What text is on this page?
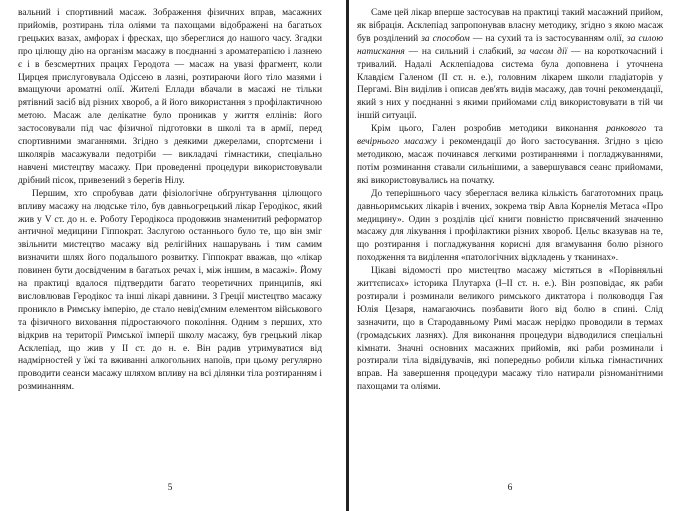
вальний і спортивний масаж. Зображення фізичних вправ, масажних прийомів, розтирань тіла оліями та пахощами відображені на багатьох грецьких вазах, амфорах і фресках, що збереглися до нашого часу. Згадки про цілющу дію на організм масажу в поєднанні з ароматерапією і лазнею є і в безсмертних працях Геродота — масаж на увазі фрагмент, коли Цирцея прислуговувала Одіссею в лазні, розтираючи його тіло мазями і вмащуючи ароматні олії. Жителі Еллади вбачали в масажі не тільки рятівний засіб від різних хвороб, а й його використання з профілактичною метою. Масаж але делікатне було проникав у життя еллінів: його застосовували під час фізичної підготовки в школі та в армії, перед спортивними змаганнями. Згідно з деякими джерелами, спортсмени і школярів масажували педотріби — викладачі гімнастики, спеціально навчені мистецтву масажу. При проведенні процедури використовували дрібний пісок, привезений з берегів Нілу.

Першим, хто спробував дати фізіологічне обґрунтування цілющого впливу масажу на людське тіло, був давньогрецький лікар Геродікос, який жив у V ст. до н. е. Роботу Геродікоса продовжив знаменитий реформатор античної медицини Гіппократ. Заслугою останнього було те, що він зміг звільнити мистецтво масажу від релігійних нашарувань і тим самим визначити шлях його подальшого розвитку. Гіппократ вважав, що «лікар повинен бути досвідченим в багатьох речах і, між іншим, в масажі». Йому на практиці вдалося підтвердити багато теоретичних принципів, які висловлював Геродікос та інші лікарі давнини. З Греції мистецтво масажу проникло в Римську імперію, де стало невід'ємним елементом військового та фізичного виховання підростаючого покоління. Одним з перших, хто відкрив на території Римської імперії школу масажу, був грецький лікар Асклепіад, що жив у II ст. до н. е. Він радив утримуватися від надмірностей у їжі та вживанні алкогольних напоїв, при цьому регулярно проводити сеанси масажу шляхом впливу на всі ділянки тіла розтиранням і розминанням.

5

Саме цей лікар вперше застосував на практиці такий масажний прийом, як вібрація. Асклепіад запропонував власну методику, згідно з якою масаж був розділений за способом — на сухий та із застосуванням олії, за силою натискання — на сильний і слабкий, за часом дії — на короткочасний і тривалий. Надалі Асклепіадова система була доповнена і уточнена Клавдієм Галеном (II ст. н. е.), головним лікарем школи гладіаторів у Пергамі. Він виділив і описав дев'ять видів масажу, дав точні рекомендації, який з них у поєднанні з якими прийомами слід використовувати в тій чи іншій ситуації.

Крім цього, Гален розробив методики виконання ранкового та вечірнього масажу і рекомендації до його застосування. Згідно з цією методикою, масаж починався легкими розтираннями і погладжуваннями, потім розминання ставали сильнішими, а завершувався сеанс прийомами, які використовувались на початку.

До теперішнього часу збереглася велика кількість багатотомних праць давньоримських лікарів і вчених, зокрема твір Авла Корнелія Метаса «Про медицину». Один з розділів цієї книги повністю присвячений значенню масажу для лікування і профілактики різних хвороб. Цельс вказував на те, що розтирання і погладжування корисні для вгамування болю різного походження та виділення «патологічних відкладень у тканинах».

Цікаві відомості про мистецтво масажу містяться в «Порівняльні життєписах» історика Плутарха (I–II ст. н. е.). Він розповідає, як раби розтирали і розминали великого римського диктатора і полководця Гая Юлія Цезаря, намагаючись позбавити його від болю в спині. Слід зазначити, що в Стародавньому Римі масаж нерідко проводили в термах (громадських лазнях). Для виконання процедури відводилися спеціальні кімнати. Значні основних масажних прийомів, які раби розминали і розтирали тіла відвідувачів, які попередньо робили кілька гімнастичних вправ. На завершення процедури масажу тіло натирали різноманітними пахощами та оліями.

6
